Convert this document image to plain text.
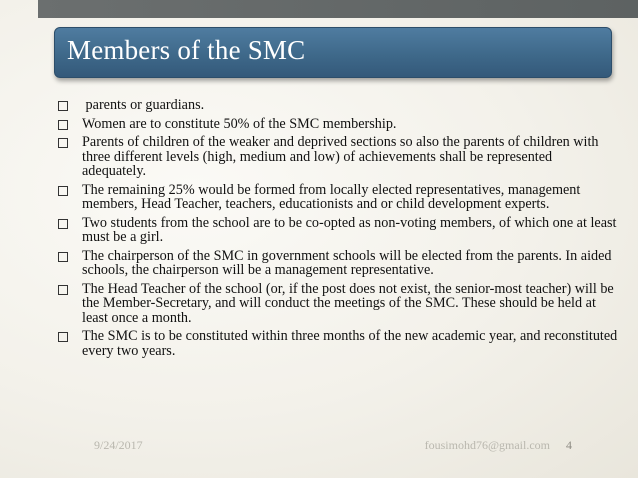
Members of the SMC
parents or guardians.
Women are to constitute 50% of the SMC membership.
Parents of children of the weaker and deprived sections so also the parents of children with three different levels (high, medium and low) of achievements shall be represented adequately.
The remaining 25% would be formed from locally elected representatives, management members, Head Teacher, teachers, educationists and or child development experts.
Two students from the school are to be co-opted as non-voting members, of which one at least must be a girl.
The chairperson of the SMC in government schools will be elected from the parents. In aided schools, the chairperson will be a management representative.
The Head Teacher of the school (or, if the post does not exist, the senior-most teacher) will be the Member-Secretary, and will conduct the meetings of the SMC. These should be held at least once a month.
The SMC is to be constituted within three months of the new academic year, and reconstituted every two years.
9/24/2017	fousimohd76@gmail.com 4
